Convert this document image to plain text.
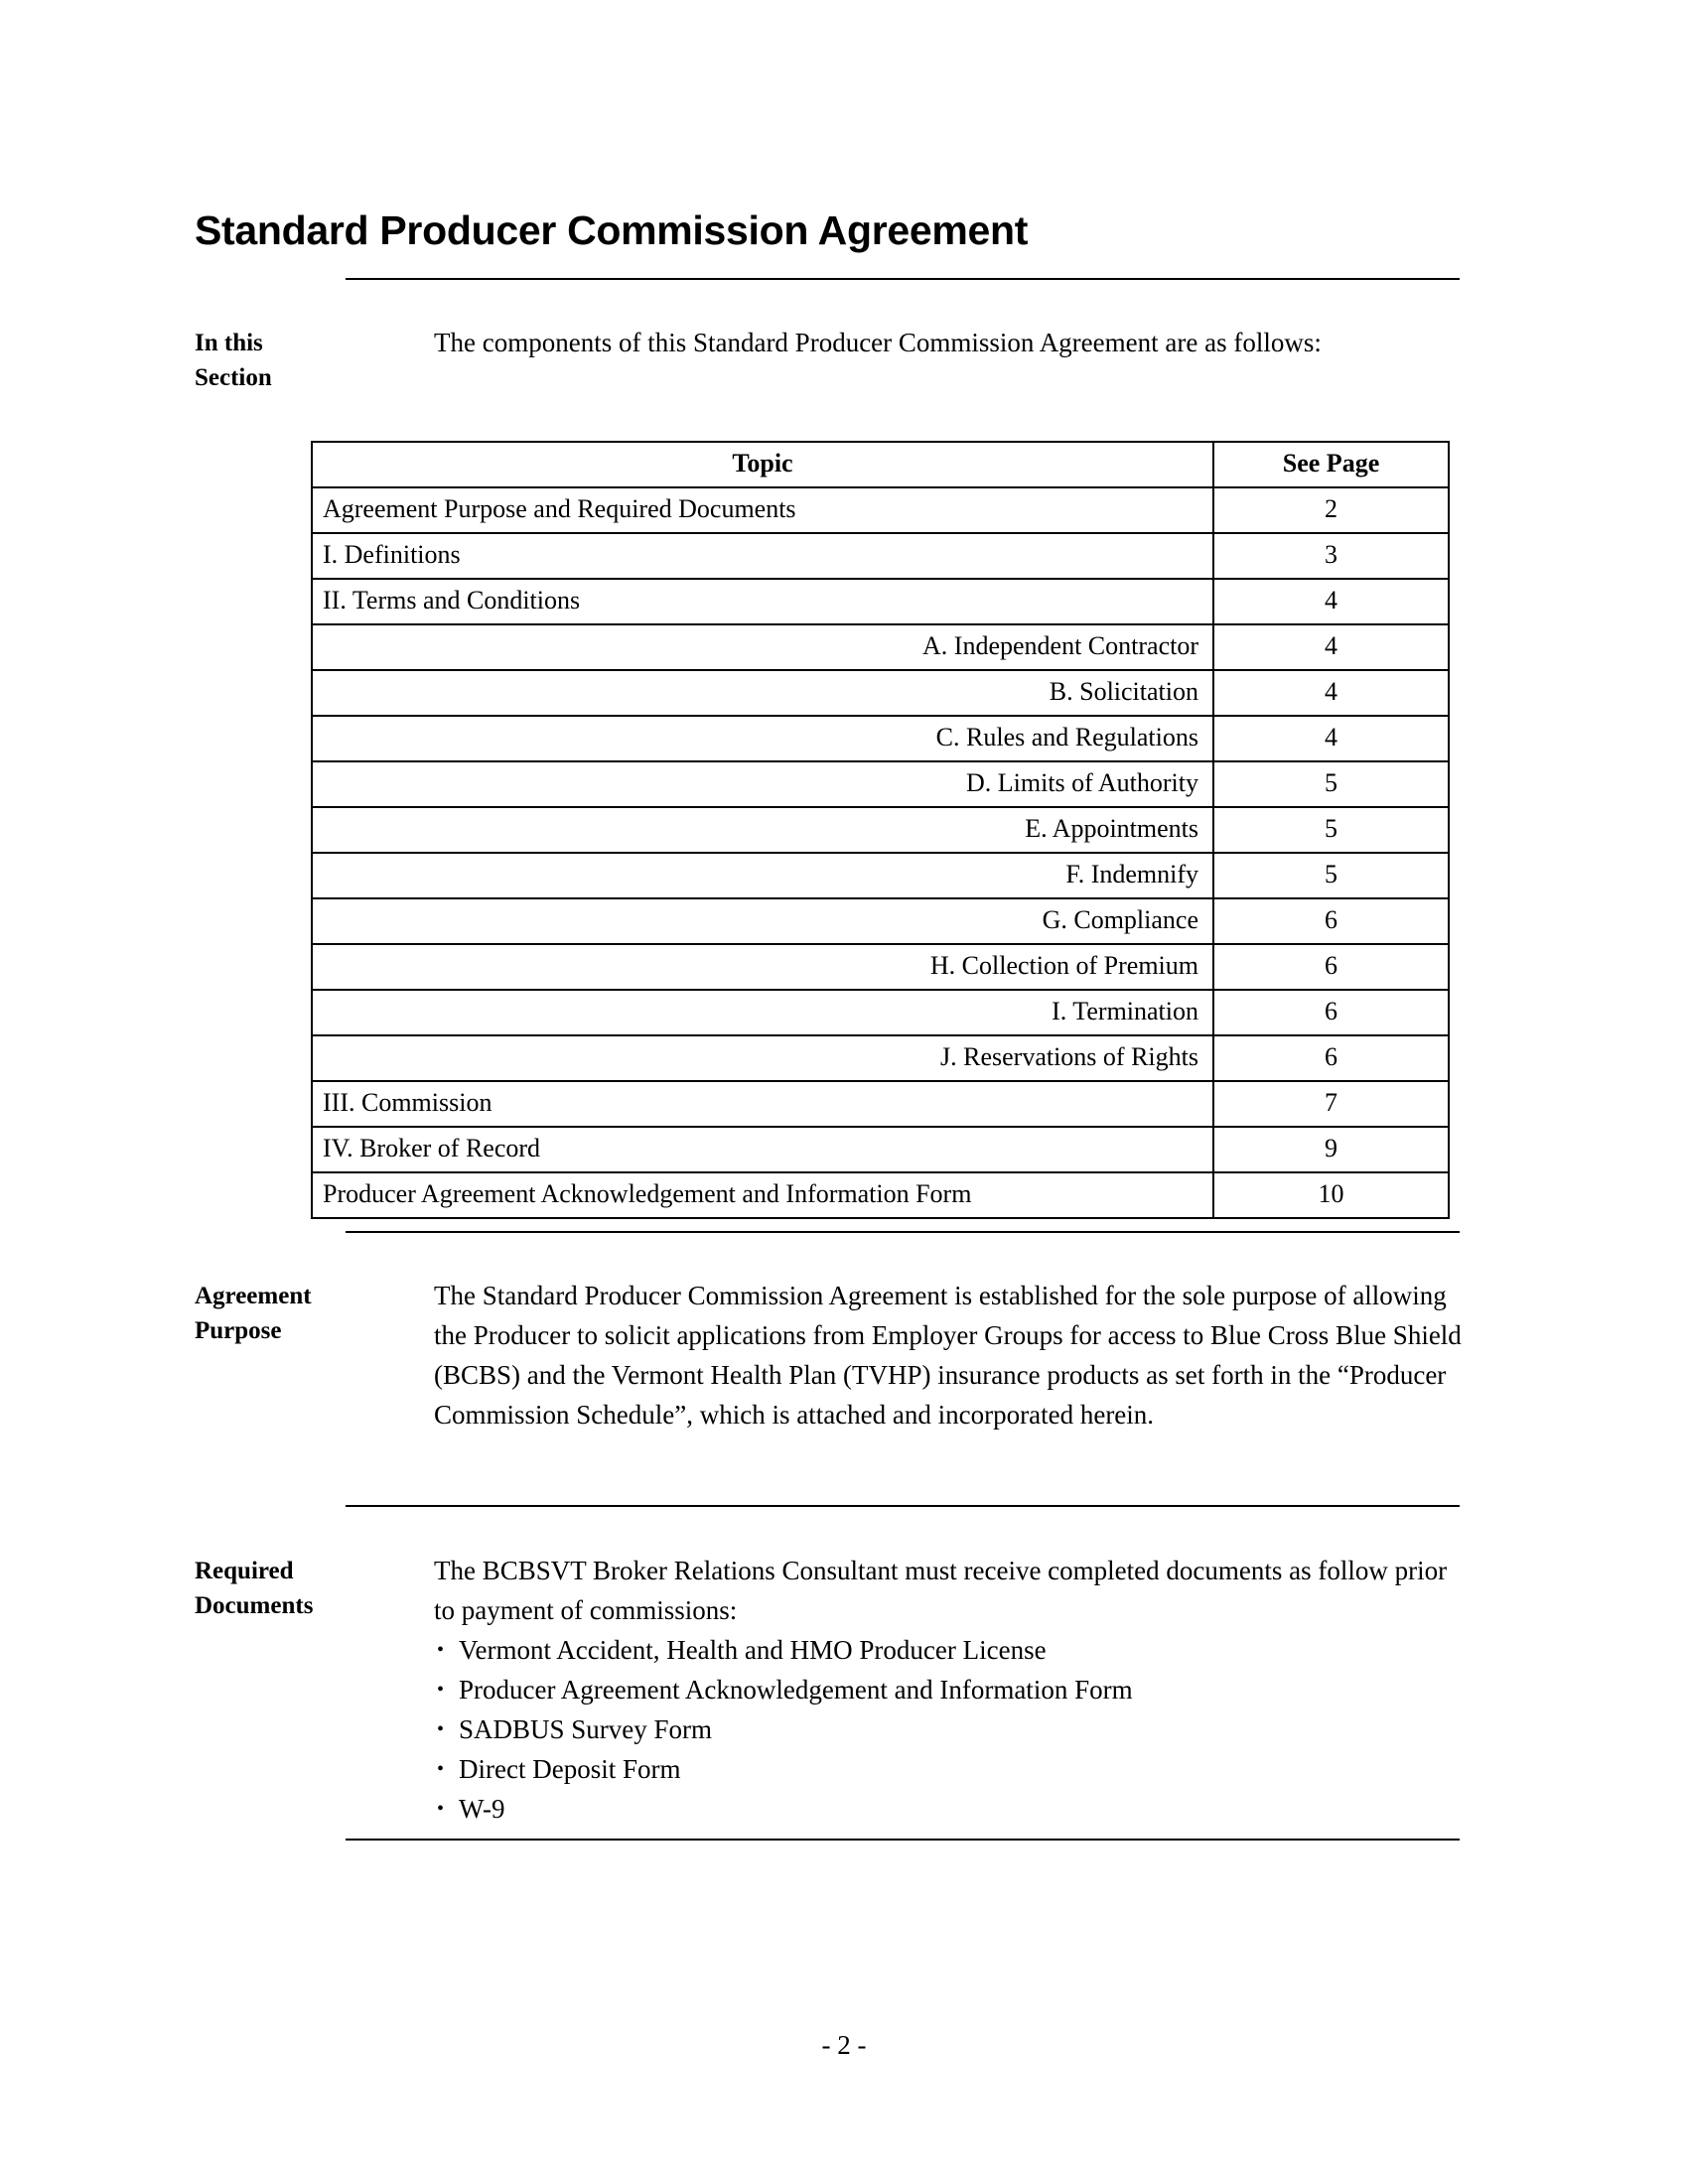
Standard Producer Commission Agreement
In this Section

The components of this Standard Producer Commission Agreement are as follows:

Topic	See Page
Agreement Purpose and Required Documents	2
I. Definitions	3
II. Terms and Conditions	4
A. Independent Contractor	4
B. Solicitation	4
C. Rules and Regulations	4
D. Limits of Authority	5
E. Appointments	5
F. Indemnify	5
G. Compliance	6
H. Collection of Premium	6
I. Termination	6
J. Reservations of Rights	6
III. Commission	7
IV. Broker of Record	9
Producer Agreement Acknowledgement and Information Form	10
Agreement
Purpose

The Standard Producer Commission Agreement is established for the sole purpose of allowing the Producer to solicit applications from Employer Groups for access to Blue Cross Blue Shield (BCBS) and the Vermont Health Plan (TVHP) insurance products as set forth in the “Producer Commission Schedule”, which is attached and incorporated herein.

Required
Documents

The BCBSVT Broker Relations Consultant must receive completed documents as follow prior to payment of commissions:

• Vermont Accident, Health and HMO Producer License
• Producer Agreement Acknowledgement and Information Form
• SADBUS Survey Form
• Direct Deposit Form
• W-9
- 2 -
